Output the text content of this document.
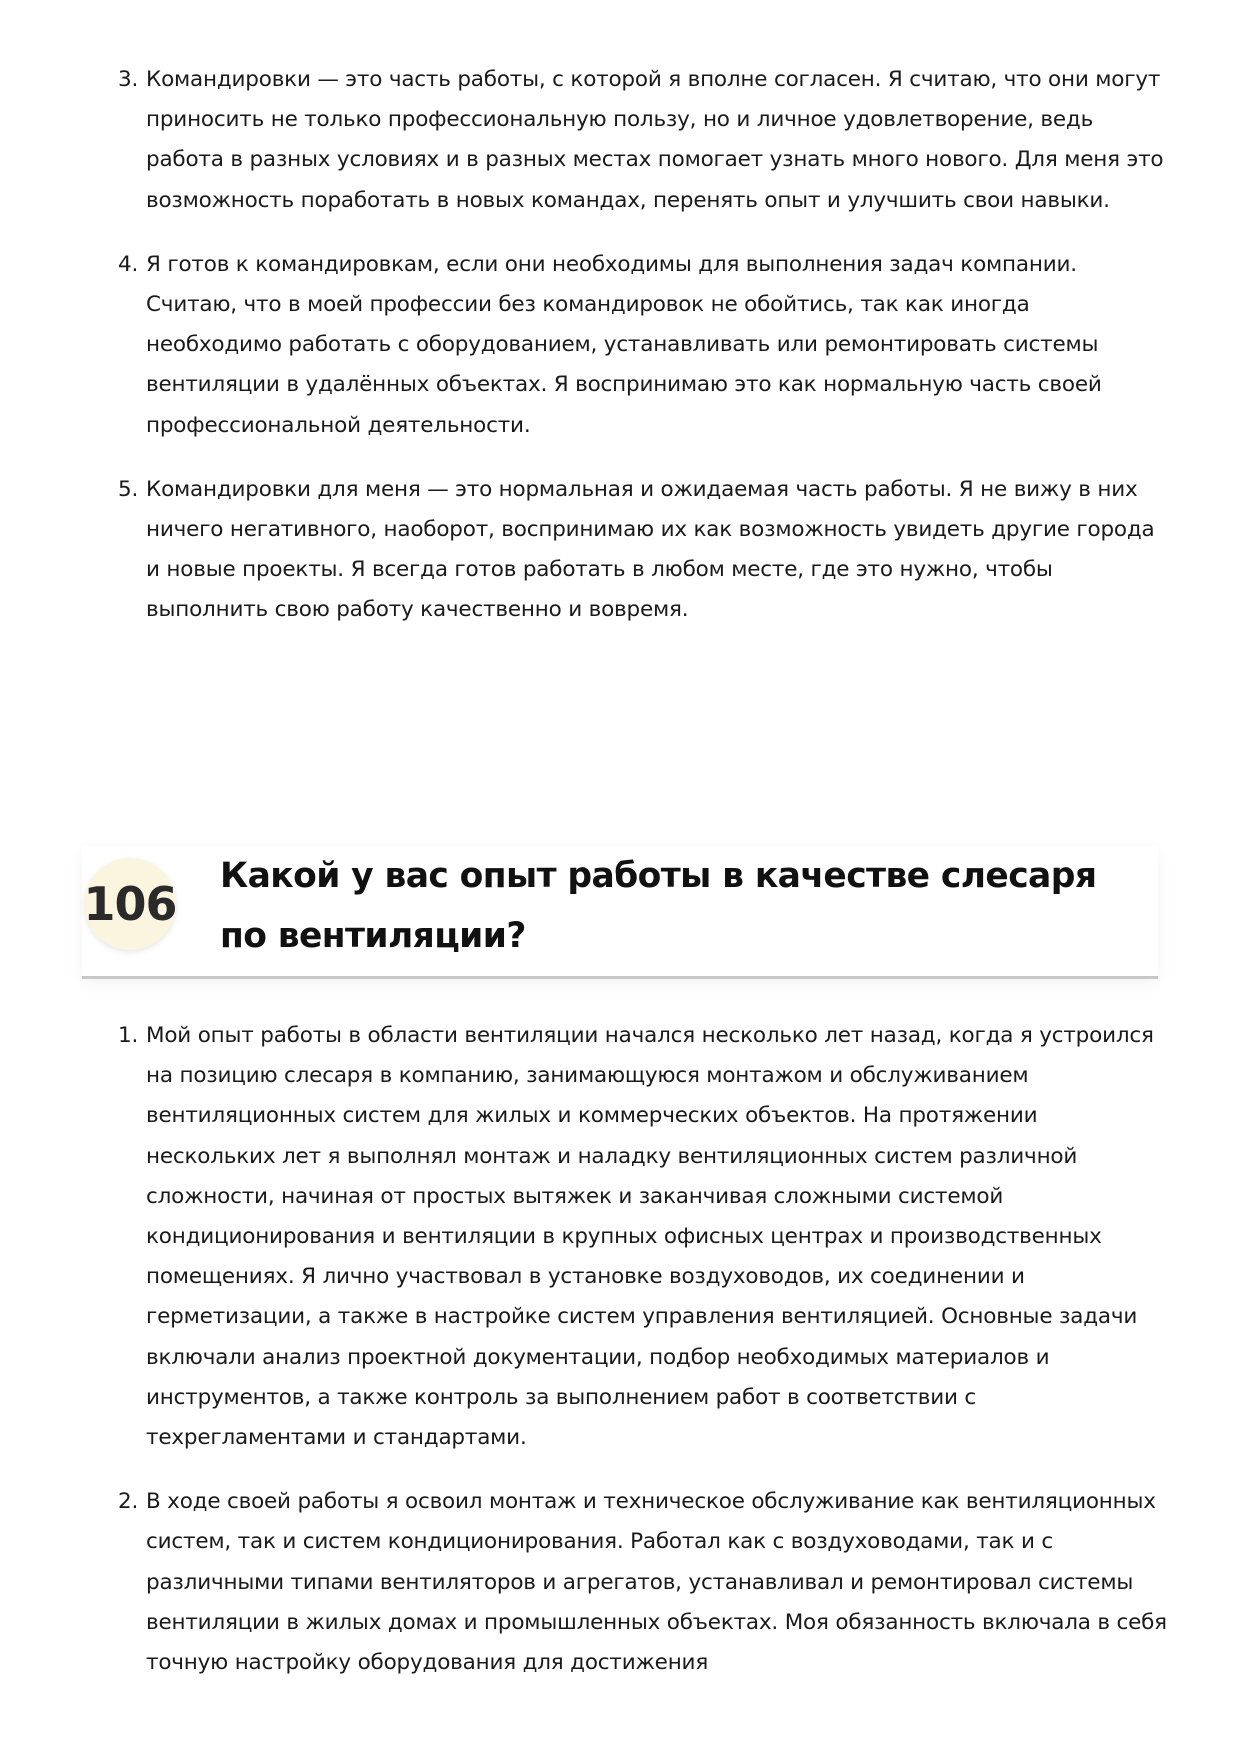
3. Командировки — это часть работы, с которой я вполне согласен. Я считаю, что они могут приносить не только профессиональную пользу, но и личное удовлетворение, ведь работа в разных условиях и в разных местах помогает узнать много нового. Для меня это возможность поработать в новых командах, перенять опыт и улучшить свои навыки.
4. Я готов к командировкам, если они необходимы для выполнения задач компании. Считаю, что в моей профессии без командировок не обойтись, так как иногда необходимо работать с оборудованием, устанавливать или ремонтировать системы вентиляции в удалённых объектах. Я воспринимаю это как нормальную часть своей профессиональной деятельности.
5. Командировки для меня — это нормальная и ожидаемая часть работы. Я не вижу в них ничего негативного, наоборот, воспринимаю их как возможность увидеть другие города и новые проекты. Я всегда готов работать в любом месте, где это нужно, чтобы выполнить свою работу качественно и вовремя.
106
Какой у вас опыт работы в качестве слесаря по вентиляции?
1. Мой опыт работы в области вентиляции начался несколько лет назад, когда я устроился на позицию слесаря в компанию, занимающуюся монтажом и обслуживанием вентиляционных систем для жилых и коммерческих объектов. На протяжении нескольких лет я выполнял монтаж и наладку вентиляционных систем различной сложности, начиная от простых вытяжек и заканчивая сложными системой кондиционирования и вентиляции в крупных офисных центрах и производственных помещениях. Я лично участвовал в установке воздуховодов, их соединении и герметизации, а также в настройке систем управления вентиляцией. Основные задачи включали анализ проектной документации, подбор необходимых материалов и инструментов, а также контроль за выполнением работ в соответствии с техрегламентами и стандартами.
2. В ходе своей работы я освоил монтаж и техническое обслуживание как вентиляционных систем, так и систем кондиционирования. Работал как с воздуховодами, так и с различными типами вентиляторов и агрегатов, устанавливал и ремонтировал системы вентиляции в жилых домах и промышленных объектах. Моя обязанность включала в себя точную настройку оборудования для достижения
